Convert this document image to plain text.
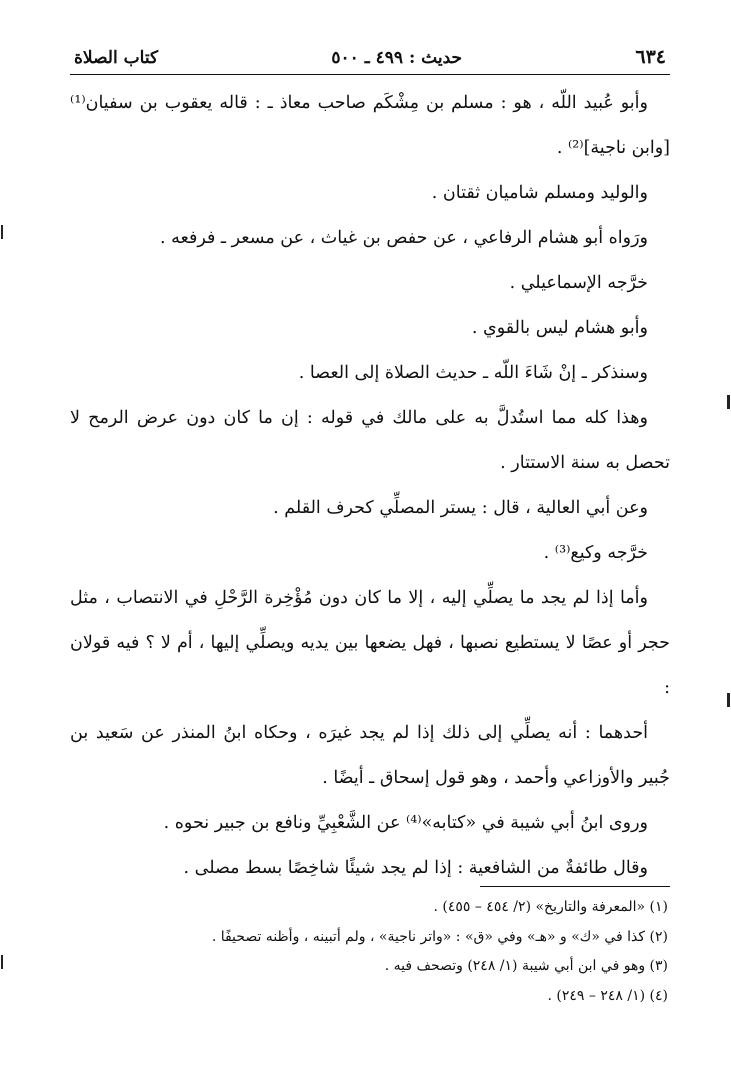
٦٣٤
حديث : ٤٩٩ ـ ٥٠٠
كتاب الصلاة
وأبو عُبيد اللّه ، هو : مسلم بن مِشْكَم صاحب معاذ ـ : قاله يعقوب بن سفيان⁽¹⁾ [وابن ناجية]⁽²⁾ .
والوليد ومسلم شاميان ثقتان .
ورَواه أبو هشام الرفاعي ، عن حفص بن غياث ، عن مسعر ـ فرفعه .
خرَّجه الإسماعيلي .
وأبو هشام ليس بالقوي .
وسنذكر ـ إنْ شَاءَ اللّه ـ حديث الصلاة إلى العصا .
وهذا كله مما استُدلَّ به على مالك في قوله : إن ما كان دون عرض الرمح لا تحصل به سنة الاستتار .
وعن أبي العالية ، قال : يستر المصلِّي كحرف القلم .
خرَّجه وكيع⁽³⁾ .
وأما إذا لم يجد ما يصلِّي إليه ، إلا ما كان دون مُؤْخِرة الرَّحْلِ في الانتصاب ، مثل حجر أو عصًا لا يستطيع نصبها ، فهل يضعها بين يديه ويصلِّي إليها ، أم لا ؟ فيه قولان :
أحدهما : أنه يصلِّي إلى ذلك إذا لم يجد غيرَه ، وحكاه ابنُ المنذر عن سَعيد بن جُبير والأوزاعي وأحمد ، وهو قول إسحاق ـ أيضًا .
وروى ابنُ أبي شيبة في «كتابه»⁽⁴⁾ عن الشَّعْبِيِّ ونافع بن جبير نحوه .
وقال طائفةٌ من الشافعية : إذا لم يجد شيئًا شاخِصًا بسط مصلى .
(١) «المعرفة والتاريخ» (٢/ ٤٥٤ – ٤٥٥) .
(٢) كذا في «ك» و «هـ» وفي «ق» : «واتر ناجية» ، ولم أتبينه ، وأظنه تصحيفًا .
(٣) وهو في ابن أبي شيبة (١/ ٢٤٨) وتصحف فيه .
(٤) (١/ ٢٤٨ – ٢٤٩) .
